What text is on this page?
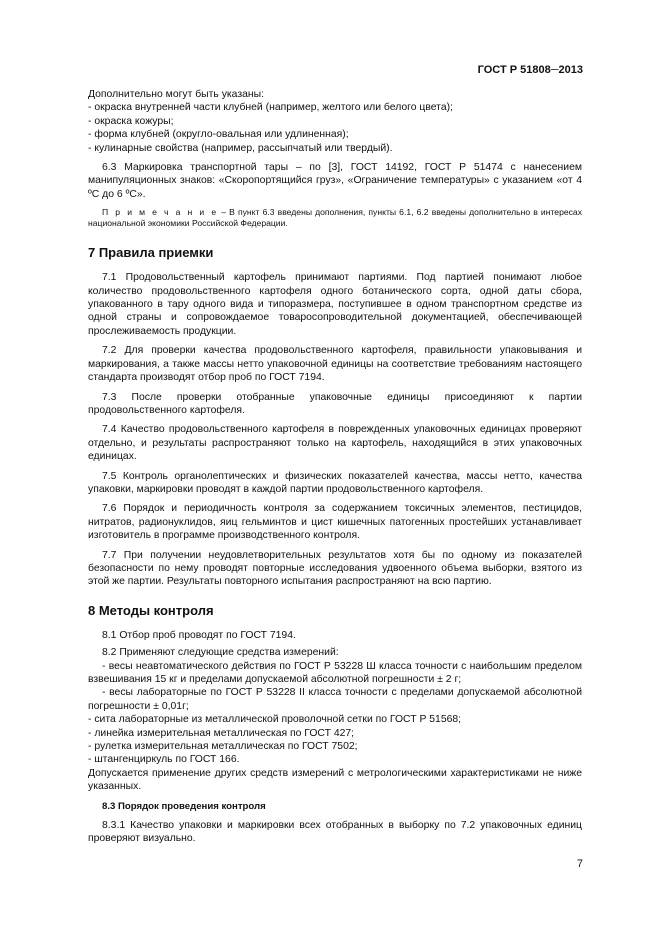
ГОСТ Р 51808─2013

Дополнительно могут быть указаны:

- окраска внутренней части клубней (например, желтого или белого цвета);

- окраска кожуры;

- форма клубней (округло-овальная или удлиненная);

- кулинарные свойства (например, рассыпчатый или твердый).

6.3 Маркировка транспортной тары – по [3], ГОСТ 14192, ГОСТ Р 51474 с нанесением манипуляционных знаков: «Скоропортящийся груз», «Ограничение температуры» с указанием «от 4 ºС до 6 ºС».

П р и м е ч а н и е – В пункт 6.3 введены дополнения, пункты 6.1, 6.2 введены дополнительно в интересах национальной экономики Российской Федерации.

7 Правила приемки

7.1 Продовольственный картофель принимают партиями. Под партией понимают любое количество продовольственного картофеля одного ботанического сорта, одной даты сбора, упакованного в тару одного вида и типоразмера, поступившее в одном транспортном средстве из одной страны и сопровождаемое товаросопроводительной документацией, обеспечивающей прослеживаемость продукции.

7.2 Для проверки качества продовольственного картофеля, правильности упаковывания и маркирования, а также массы нетто упаковочной единицы на соответствие требованиям настоящего стандарта производят отбор проб по ГОСТ 7194.

7.3 После проверки отобранные упаковочные единицы присоединяют к партии продовольственного картофеля.

7.4 Качество продовольственного картофеля в поврежденных упаковочных единицах проверяют отдельно, и результаты распространяют только на картофель, находящийся в этих упаковочных единицах.

7.5 Контроль органолептических и физических показателей качества, массы нетто, качества упаковки, маркировки проводят в каждой партии продовольственного картофеля.

7.6 Порядок и периодичность контроля за содержанием токсичных элементов, пестицидов, нитратов, радионуклидов, яиц гельминтов и цист кишечных патогенных простейших устанавливает изготовитель в программе производственного контроля.

7.7 При получении неудовлетворительных результатов хотя бы по одному из показателей безопасности по нему проводят повторные исследования удвоенного объема выборки, взятого из этой же партии. Результаты повторного испытания распространяют на всю партию.

8 Методы контроля

8.1 Отбор проб проводят по ГОСТ 7194.

8.2 Применяют следующие средства измерений:

- весы неавтоматического действия по ГОСТ Р 53228 Ш класса точности с наибольшим пределом взвешивания 15 кг и пределами допускаемой абсолютной погрешности ± 2 г;

- весы лабораторные по ГОСТ Р 53228 II класса точности с пределами допускаемой абсолютной погрешности ± 0,01г;

- сита лабораторные из металлической проволочной сетки по ГОСТ Р 51568;

- линейка измерительная металлическая по ГОСТ 427;

- рулетка измерительная металлическая по ГОСТ 7502;

- штангенциркуль по ГОСТ 166.

Допускается применение других средств измерений с метрологическими характеристиками не ниже указанных.

8.3 Порядок проведения контроля

8.3.1 Качество упаковки и маркировки всех отобранных в выборку по 7.2 упаковочных единиц проверяют визуально.

7
